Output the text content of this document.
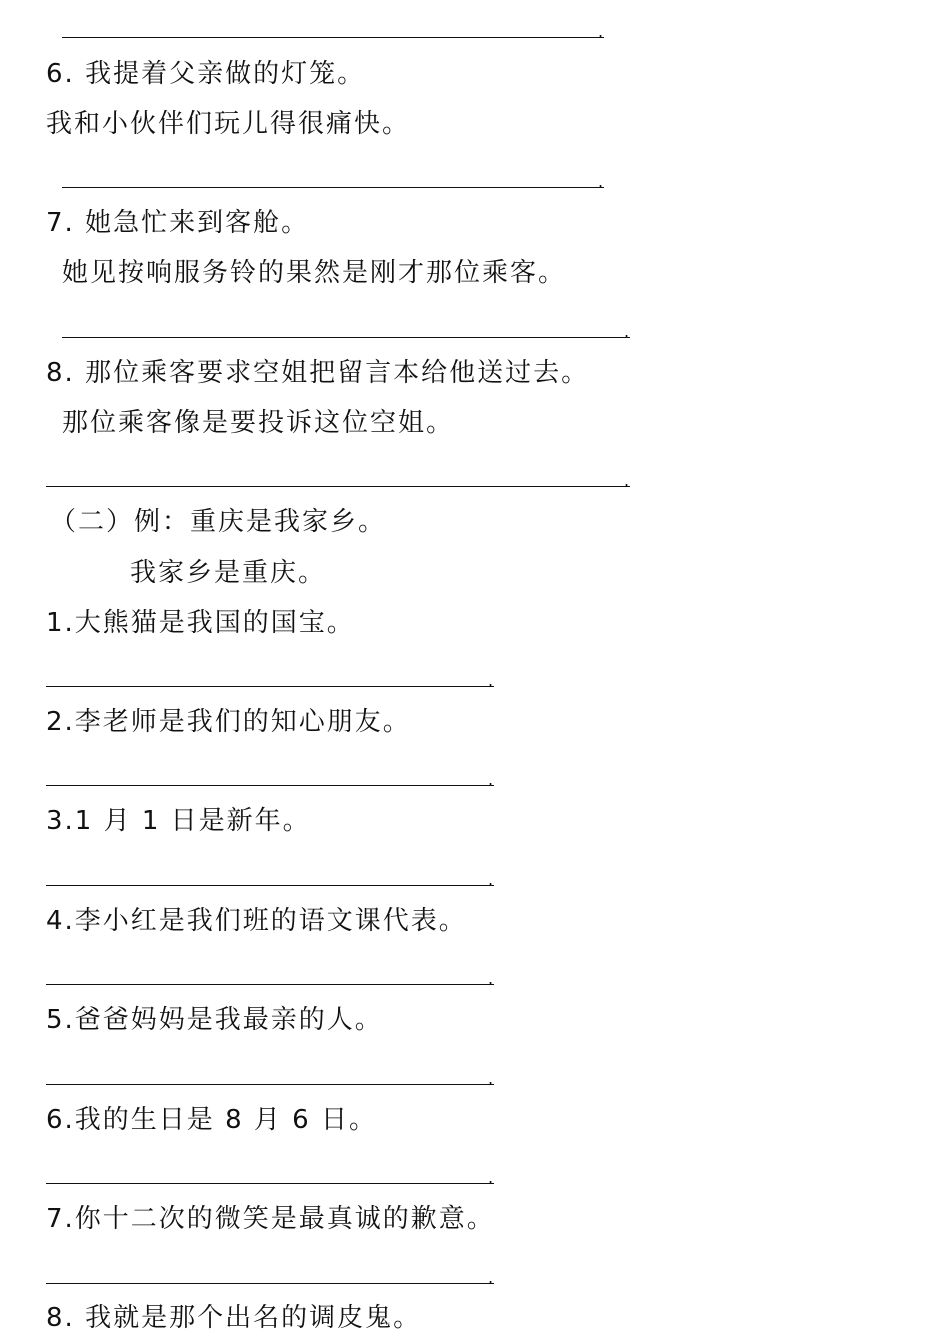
.
6. 我提着父亲做的灯笼。
我和小伙伴们玩儿得很痛快。
.
7. 她急忙来到客舱。
她见按响服务铃的果然是刚才那位乘客。
.
8. 那位乘客要求空姐把留言本给他送过去。
那位乘客像是要投诉这位空姐。
.
（二）例：重庆是我家乡。
我家乡是重庆。
1.大熊猫是我国的国宝。
.
2.李老师是我们的知心朋友。
.
3.1 月 1 日是新年。
.
4.李小红是我们班的语文课代表。
.
5.爸爸妈妈是我最亲的人。
.
6.我的生日是 8 月 6 日。
.
7.你十二次的微笑是最真诚的歉意。
.
8. 我就是那个出名的调皮鬼。
